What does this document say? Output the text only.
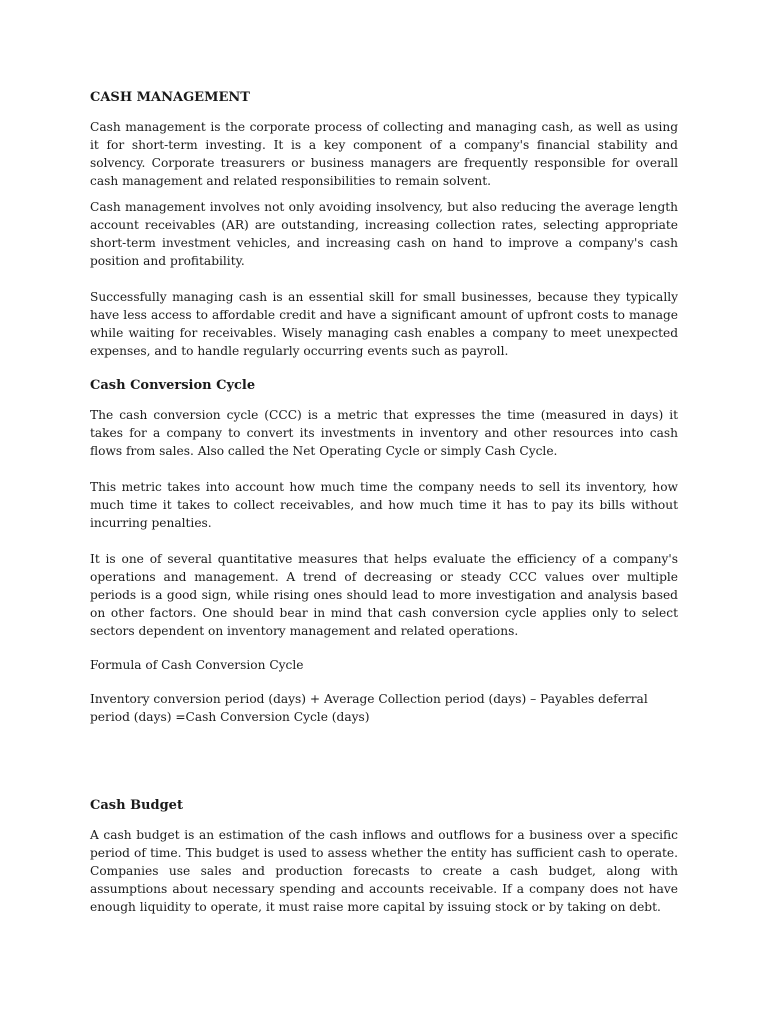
CASH MANAGEMENT

Cash management is the corporate process of collecting and managing cash, as well as using it for short-term investing. It is a key component of a company's financial stability and solvency. Corporate treasurers or business managers are frequently responsible for overall cash management and related responsibilities to remain solvent.

Cash management involves not only avoiding insolvency, but also reducing the average length account receivables (AR) are outstanding, increasing collection rates, selecting appropriate short-term investment vehicles, and increasing cash on hand to improve a company's cash position and profitability.

Successfully managing cash is an essential skill for small businesses, because they typically have less access to affordable credit and have a significant amount of upfront costs to manage while waiting for receivables. Wisely managing cash enables a company to meet unexpected expenses, and to handle regularly occurring events such as payroll.

Cash Conversion Cycle

The cash conversion cycle (CCC) is a metric that expresses the time (measured in days) it takes for a company to convert its investments in inventory and other resources into cash flows from sales. Also called the Net Operating Cycle or simply Cash Cycle.

This metric takes into account how much time the company needs to sell its inventory, how much time it takes to collect receivables, and how much time it has to pay its bills without incurring penalties.

It is one of several quantitative measures that helps evaluate the efficiency of a company's operations and management. A trend of decreasing or steady CCC values over multiple periods is a good sign, while rising ones should lead to more investigation and analysis based on other factors. One should bear in mind that cash conversion cycle applies only to select sectors dependent on inventory management and related operations.

Formula of Cash Conversion Cycle

Inventory conversion period (days) + Average Collection period (days) – Payables deferral period (days) =Cash Conversion Cycle (days)

Cash Budget

A cash budget is an estimation of the cash inflows and outflows for a business over a specific period of time. This budget is used to assess whether the entity has sufficient cash to operate. Companies use sales and production forecasts to create a cash budget, along with assumptions about necessary spending and accounts receivable. If a company does not have enough liquidity to operate, it must raise more capital by issuing stock or by taking on debt.
